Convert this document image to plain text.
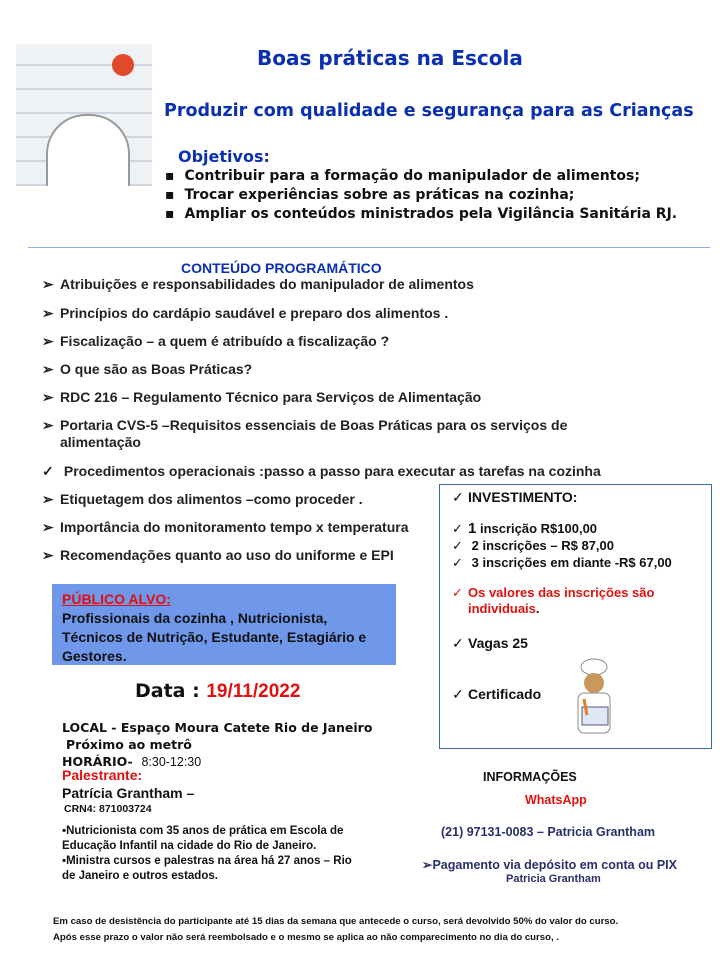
Boas práticas na Escola
Produzir com qualidade e segurança para as Crianças
Objetivos:
▪ Contribuir para a formação do manipulador de alimentos;
▪ Trocar experiências sobre as práticas na cozinha;
▪ Ampliar os conteúdos ministrados pela Vigilância Sanitária RJ.
CONTEÚDO PROGRAMÁTICO
➢ Atribuições e responsabilidades do manipulador de alimentos
➢ Princípios do cardápio saudável e preparo dos alimentos .
➢ Fiscalização – a quem é atribuído a fiscalização ?
➢ O que são as Boas Práticas?
➢ RDC 216 – Regulamento Técnico para Serviços de Alimentação
➢ Portaria CVS-5 –Requisitos essenciais de Boas Práticas para os serviços de
alimentação
✓ Procedimentos operacionais :passo a passo para executar as tarefas na cozinha
➢ Etiquetagem dos alimentos –como proceder .
➢ Importância do monitoramento tempo x temperatura
➢ Recomendações quanto ao uso do uniforme e EPI
PÚBLICO ALVO:
Profissionais da cozinha , Nutricionista,
Técnicos de Nutrição, Estudante, Estagiário e
Gestores.
Data : 19/11/2022
LOCAL - Espaço Moura Catete Rio de Janeiro
Próximo ao metrô
HORÁRIO- 8:30-12:30
Palestrante:
Patrícia Grantham –
CRN4: 871003724
▪Nutricionista com 35 anos de prática em Escola de
Educação Infantil na cidade do Rio de Janeiro.
▪Ministra cursos e palestras na área há 27 anos – Rio
de Janeiro e outros estados.
✓ INVESTIMENTO:
✓ 1 inscrição R$100,00
✓ 2 inscrições – R$ 87,00
✓ 3 inscrições em diante -R$ 67,00
✓ Os valores das inscrições são
individuais.
✓ Vagas 25
✓ Certificado
INFORMAÇÕES
WhatsApp
(21) 97131-0083 – Patricia Grantham
➢Pagamento via depósito em conta ou PIX
Patricia Grantham
Em caso de desistência do participante até 15 dias da semana que antecede o curso, será devolvido 50% do valor do curso.
Após esse prazo o valor não será reembolsado e o mesmo se aplica ao não comparecimento no dia do curso, .
